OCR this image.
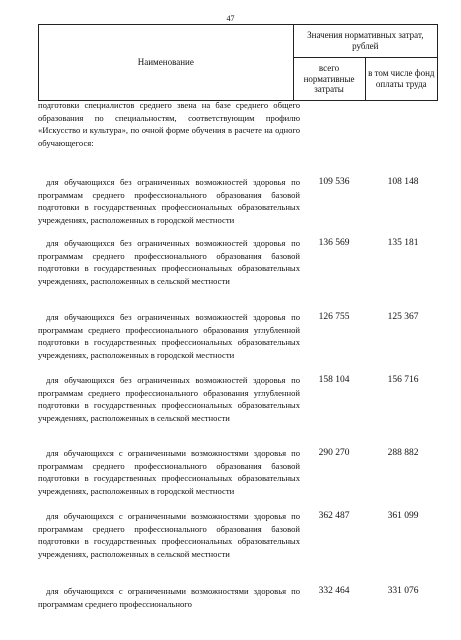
47
Наименование	Значения нормативных затрат, рублей	
	всего нормативные затраты	в том числе фонд оплаты труда
подготовки специалистов среднего звена на базе среднего общего образования по специальностям, соответствующим профилю «Искусство и культура», по очной форме обучения в расчете на одного обучающегося:
для обучающихся без ограниченных возможностей здоровья по программам среднего профессионального образования базовой подготовки в государственных профессиональных образовательных учреждениях, расположенных в городской местности
109 536	108 148
для обучающихся без ограниченных возможностей здоровья по программам среднего профессионального образования базовой подготовки в государственных профессиональных образовательных учреждениях, расположенных в сельской местности
136 569	135 181
для обучающихся без ограниченных возможностей здоровья по программам среднего профессионального образования углубленной подготовки в государственных профессиональных образовательных учреждениях, расположенных в городской местности
126 755	125 367
для обучающихся без ограниченных возможностей здоровья по программам среднего профессионального образования углубленной подготовки в государственных профессиональных образовательных учреждениях, расположенных в сельской местности
158 104	156 716
для обучающихся с ограниченными возможностями здоровья по программам среднего профессионального образования базовой подготовки в государственных профессиональных образовательных учреждениях, расположенных в городской местности
290 270	288 882
для обучающихся с ограниченными возможностями здоровья по программам среднего профессионального образования базовой подготовки в государственных профессиональных образовательных учреждениях, расположенных в сельской местности
362 487	361 099
для обучающихся с ограниченными возможностями здоровья по программам среднего профессионального
332 464	331 076
